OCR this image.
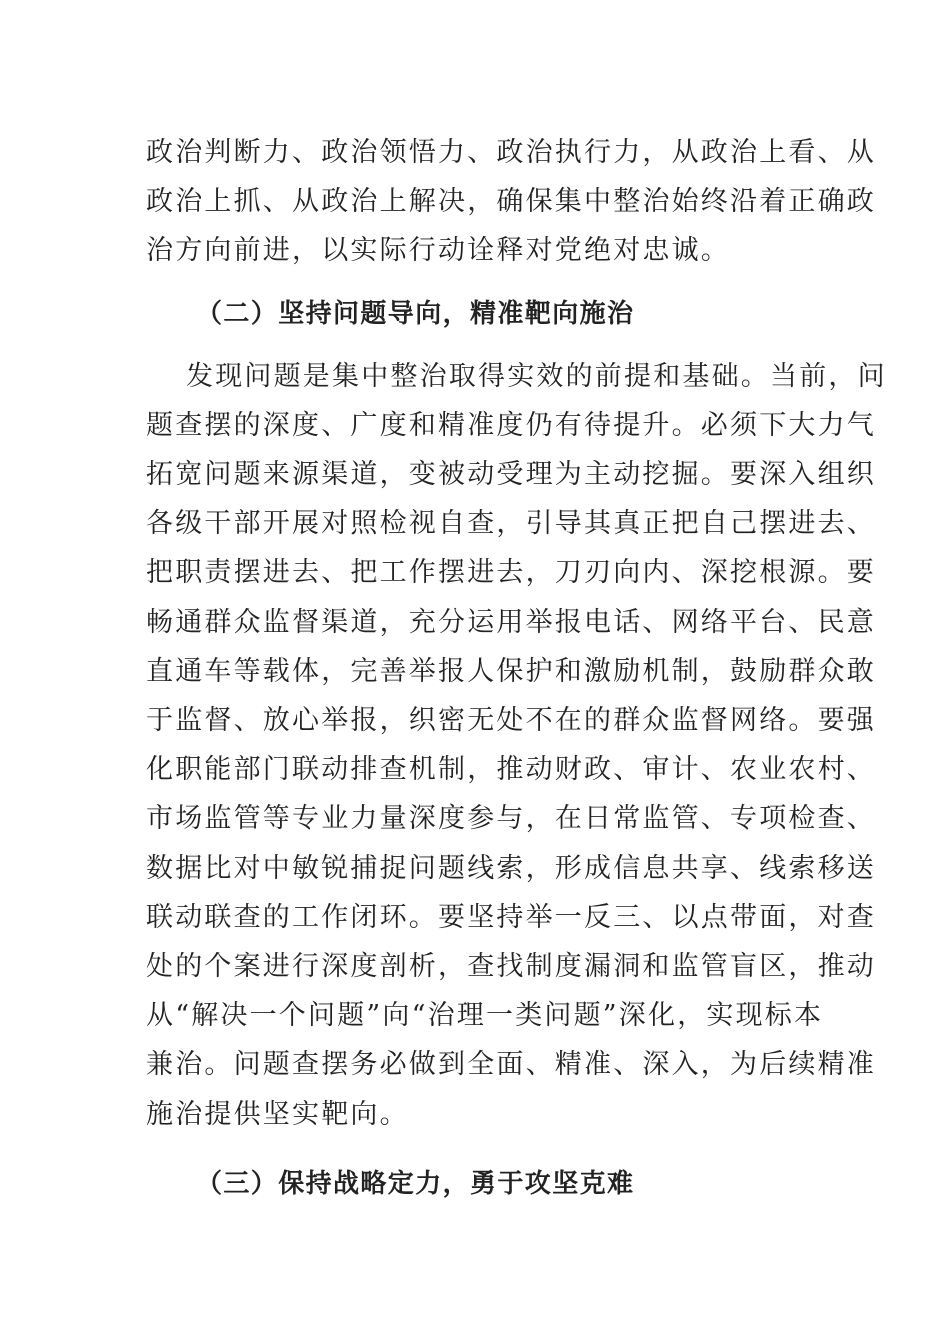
政治判断力、政治领悟力、政治执行力，从政治上看、从
政治上抓、从政治上解决，确保集中整治始终沿着正确政
治方向前进，以实际行动诠释对党绝对忠诚。
（二）坚持问题导向，精准靶向施治
发现问题是集中整治取得实效的前提和基础。当前，问
题查摆的深度、广度和精准度仍有待提升。必须下大力气
拓宽问题来源渠道，变被动受理为主动挖掘。要深入组织
各级干部开展对照检视自查，引导其真正把自己摆进去、
把职责摆进去、把工作摆进去，刀刃向内、深挖根源。要
畅通群众监督渠道，充分运用举报电话、网络平台、民意
直通车等载体，完善举报人保护和激励机制，鼓励群众敢
于监督、放心举报，织密无处不在的群众监督网络。要强
化职能部门联动排查机制，推动财政、审计、农业农村、
市场监管等专业力量深度参与，在日常监管、专项检查、
数据比对中敏锐捕捉问题线索，形成信息共享、线索移送
联动联查的工作闭环。要坚持举一反三、以点带面，对查
处的个案进行深度剖析，查找制度漏洞和监管盲区，推动
从“解决一个问题”向“治理一类问题”深化，实现标本
兼治。问题查摆务必做到全面、精准、深入，为后续精准
施治提供坚实靶向。
（三）保持战略定力，勇于攻坚克难
